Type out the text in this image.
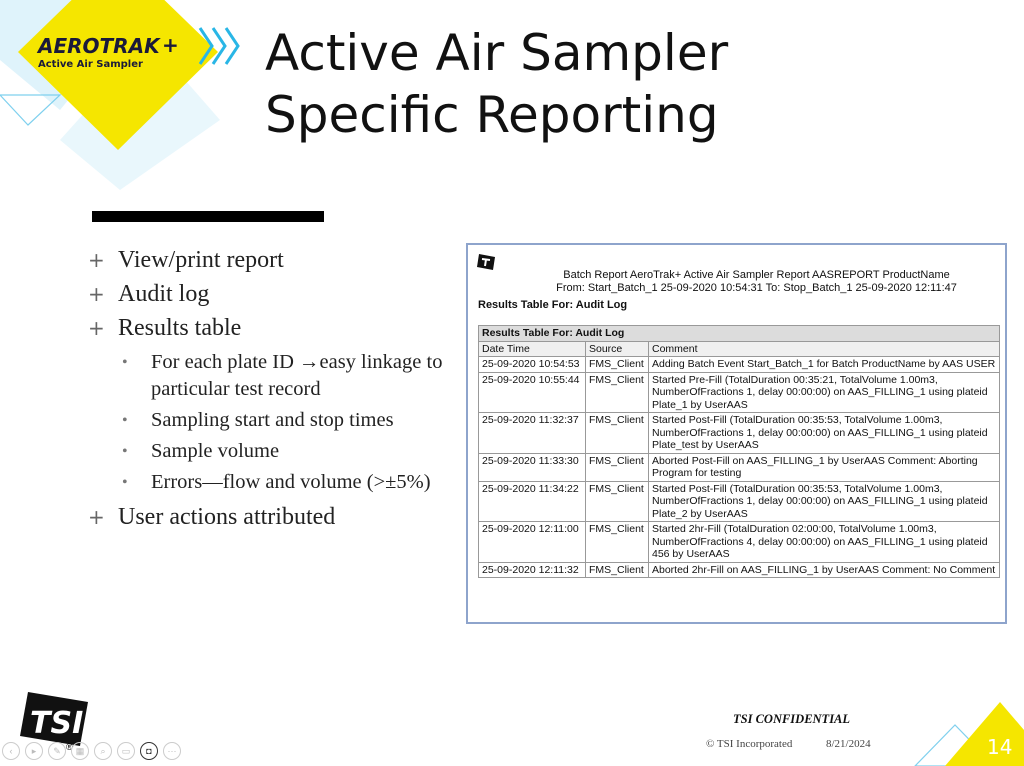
AEROTRAK +
Active Air Sampler Active Air Sampler
Specific Reporting
+ View/print report
+ Audit log
+ Results table
• For each plate ID →easy linkage to particular test record
• Sampling start and stop times
• Sample volume
• Errors—flow and volume (>±5%)
+ User actions attributed
Batch Report AeroTrak+ Active Air Sampler Report AASREPORT ProductName
From: Start_Batch_1 25-09-2020 10:54:31 To: Stop_Batch_1 25-09-2020 12:11:47
Results Table For: Audit Log
Results Table For: Audit Log		
Date Time	Source	Comment
25-09-2020 10:54:53	FMS_Client	Adding Batch Event Start_Batch_1 for Batch ProductName by AAS USER
25-09-2020 10:55:44	FMS_Client	Started Pre-Fill (TotalDuration 00:35:21, TotalVolume 1.00m3, NumberOfFractions 1, delay 00:00:00) on AAS_FILLING_1 using plateid Plate_1 by UserAAS
25-09-2020 11:32:37	FMS_Client	Started Post-Fill (TotalDuration 00:35:53, TotalVolume 1.00m3, NumberOfFractions 1, delay 00:00:00) on AAS_FILLING_1 using plateid Plate_test by UserAAS
25-09-2020 11:33:30	FMS_Client	Aborted Post-Fill on AAS_FILLING_1 by UserAAS Comment: Aborting Program for testing
25-09-2020 11:34:22	FMS_Client	Started Post-Fill (TotalDuration 00:35:53, TotalVolume 1.00m3, NumberOfFractions 1, delay 00:00:00) on AAS_FILLING_1 using plateid Plate_2 by UserAAS
25-09-2020 12:11:00	FMS_Client	Started 2hr-Fill (TotalDuration 02:00:00, TotalVolume 1.00m3, NumberOfFractions 4, delay 00:00:00) on AAS_FILLING_1 using plateid 456 by UserAAS
25-09-2020 12:11:32	FMS_Client	Aborted 2hr-Fill on AAS_FILLING_1 by UserAAS Comment: No Comment
TSI
®
‹ ▸ ✎ ▦ ⌕ ▭ ◘ ···
TSI CONFIDENTIAL
© TSI Incorporated	8/21/2024	14
